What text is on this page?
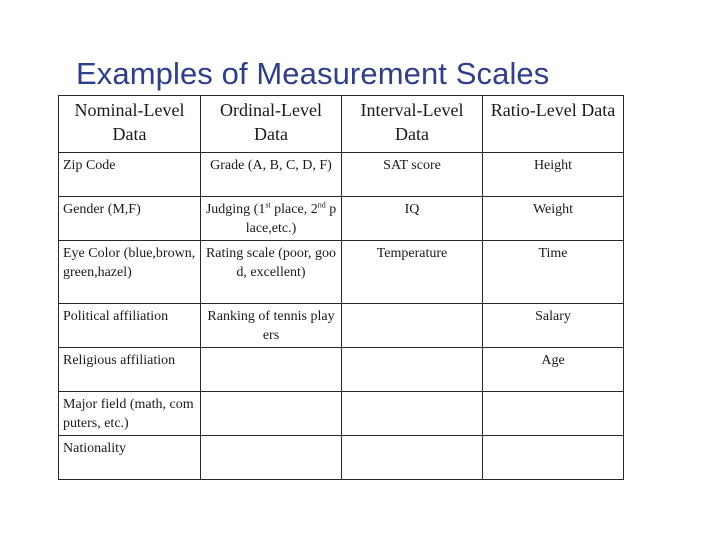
Examples of Measurement Scales
Nominal-Level Data	Ordinal-Level Data	Interval-Level Data	Ratio-Level Data
Zip Code	Grade (A, B, C, D, F)	SAT score	Height
Gender (M,F)	Judging (1st place, 2nd place,etc.)	IQ	Weight
Eye Color (blue,brown,green,hazel)	Rating scale (poor, good, excellent)	Temperature	Time
Political affiliation	Ranking of tennis players		Salary
Religious affiliation			Age
Major field (math, computers, etc.)			
Nationality			
